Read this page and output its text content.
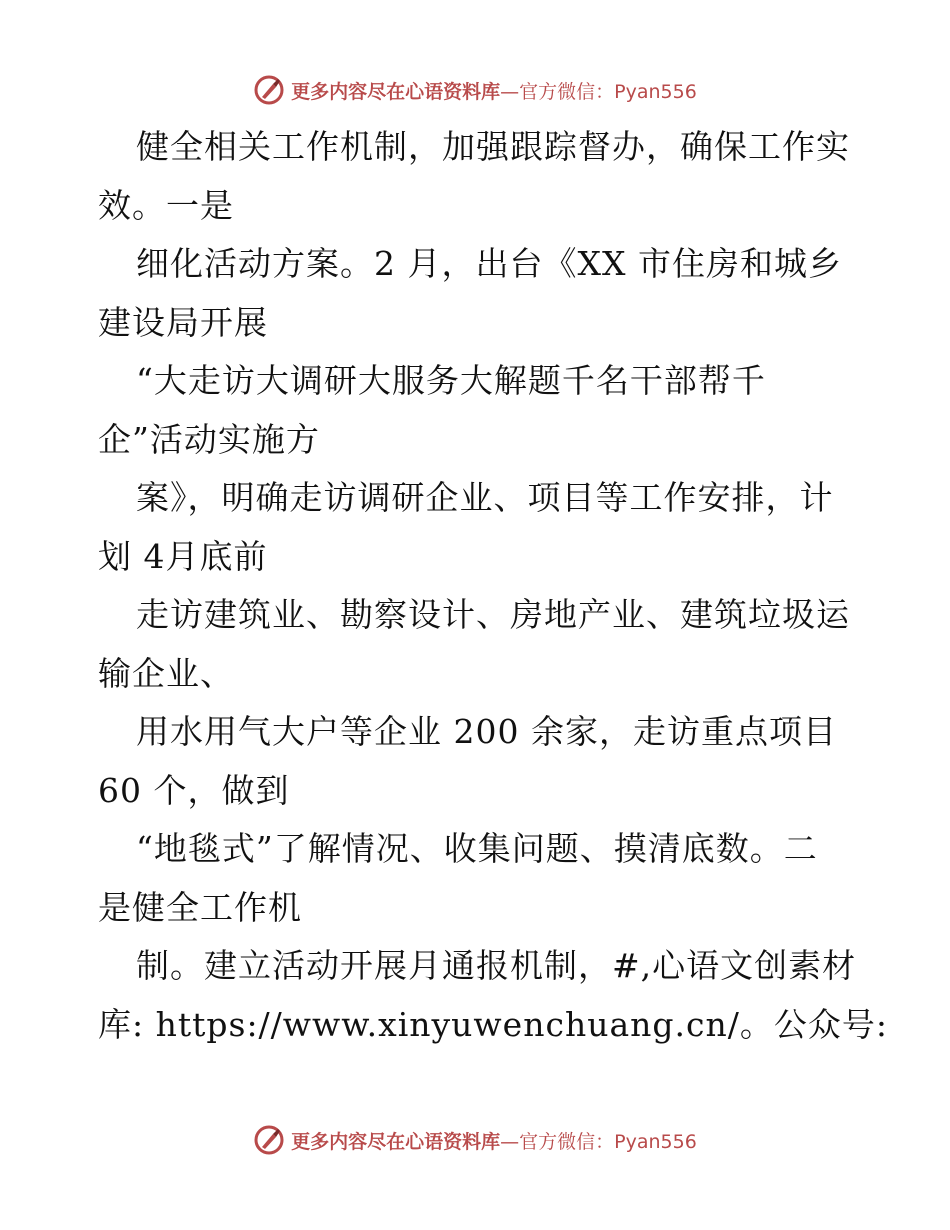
更多内容尽在心语资料库 —官方微信：Pyan556
健全相关工作机制，加强跟踪督办，确保工作实
效。一是
细化活动方案。2 月，出台《XX 市住房和城乡
建设局开展
“大走访大调研大服务大解题千名干部帮千
企”活动实施方
案》，明确走访调研企业、项目等工作安排，计
划 4月底前
走访建筑业、勘察设计、房地产业、建筑垃圾运
输企业、
用水用气大户等企业 200 余家，走访重点项目
60 个，做到
“地毯式”了解情况、收集问题、摸清底数。二
是健全工作机
制。建立活动开展月通报机制，#,心语文创素材
库: https://www.xinyuwenchuang.cn/。公众号:
更多内容尽在心语资料库 —官方微信：Pyan556
